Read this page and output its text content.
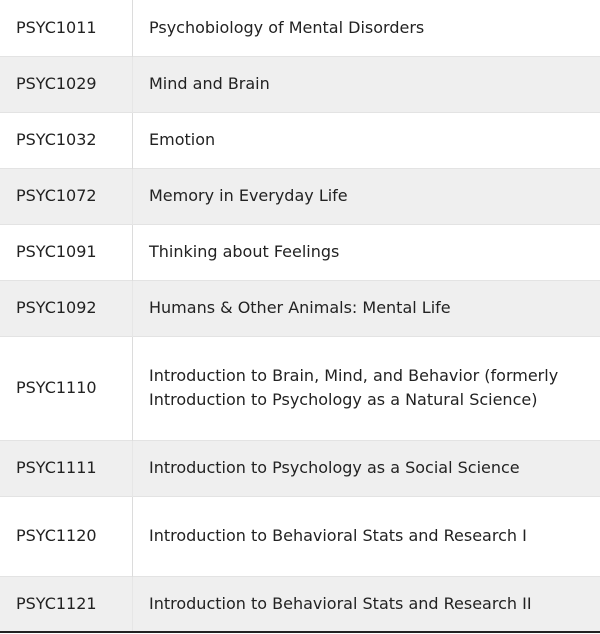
PSYC1011	Psychobiology of Mental Disorders
PSYC1029	Mind and Brain
PSYC1032	Emotion
PSYC1072	Memory in Everyday Life
PSYC1091	Thinking about Feelings
PSYC1092	Humans & Other Animals: Mental Life
PSYC1110	Introduction to Brain, Mind, and Behavior (formerly Introduction to Psychology as a Natural Science)
PSYC1111	Introduction to Psychology as a Social Science
PSYC1120	Introduction to Behavioral Stats and Research I
PSYC1121	Introduction to Behavioral Stats and Research II
